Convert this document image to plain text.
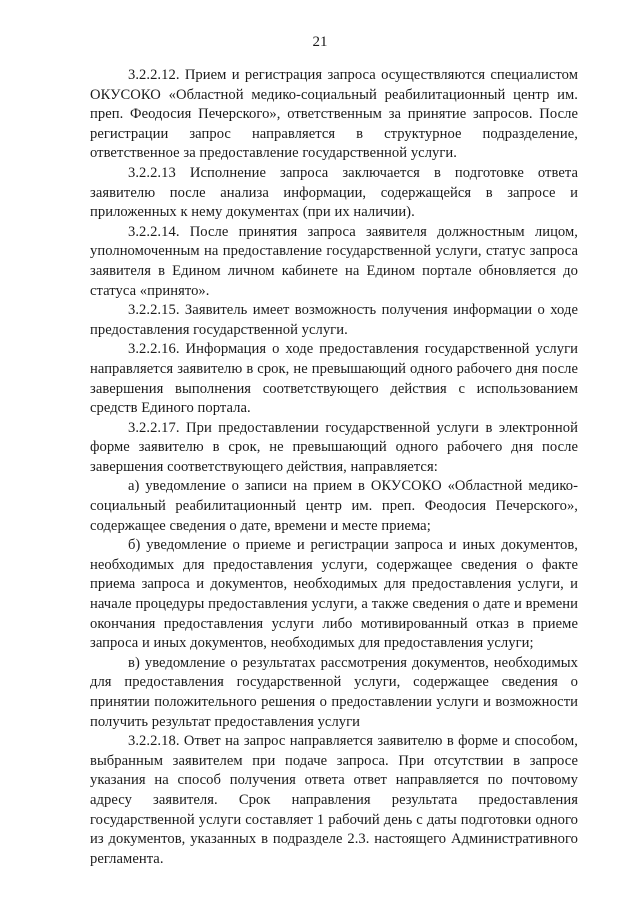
21

3.2.2.12. Прием и регистрация запроса осуществляются специалистом ОКУСОКО «Областной медико-социальный реабилитационный центр им. преп. Феодосия Печерского», ответственным за принятие запросов. После регистрации запрос направляется в структурное подразделение, ответственное за предоставление государственной услуги.

3.2.2.13 Исполнение запроса заключается в подготовке ответа заявителю после анализа информации, содержащейся в запросе и приложенных к нему документах (при их наличии).

3.2.2.14. После принятия запроса заявителя должностным лицом, уполномоченным на предоставление государственной услуги, статус запроса заявителя в Едином личном кабинете на Едином портале обновляется до статуса «принято».

3.2.2.15. Заявитель имеет возможность получения информации о ходе предоставления государственной услуги.

3.2.2.16. Информация о ходе предоставления государственной услуги направляется заявителю в срок, не превышающий одного рабочего дня после завершения выполнения соответствующего действия с использованием средств Единого портала.

3.2.2.17. При предоставлении государственной услуги в электронной форме заявителю в срок, не превышающий одного рабочего дня после завершения соответствующего действия, направляется:

а) уведомление о записи на прием в ОКУСОКО «Областной медико-социальный реабилитационный центр им. преп. Феодосия Печерского», содержащее сведения о дате, времени и месте приема;

б) уведомление о приеме и регистрации запроса и иных документов, необходимых для предоставления услуги, содержащее сведения о факте приема запроса и документов, необходимых для предоставления услуги, и начале процедуры предоставления услуги, а также сведения о дате и времени окончания предоставления услуги либо мотивированный отказ в приеме запроса и иных документов, необходимых для предоставления услуги;

в) уведомление о результатах рассмотрения документов, необходимых для предоставления государственной услуги, содержащее сведения о принятии положительного решения о предоставлении услуги и возможности получить результат предоставления услуги

3.2.2.18. Ответ на запрос направляется заявителю в форме и способом, выбранным заявителем при подаче запроса. При отсутствии в запросе указания на способ получения ответа ответ направляется по почтовому адресу заявителя. Срок направления результата предоставления государственной услуги составляет 1 рабочий день с даты подготовки одного из документов, указанных в подразделе 2.3. настоящего Административного регламента.
